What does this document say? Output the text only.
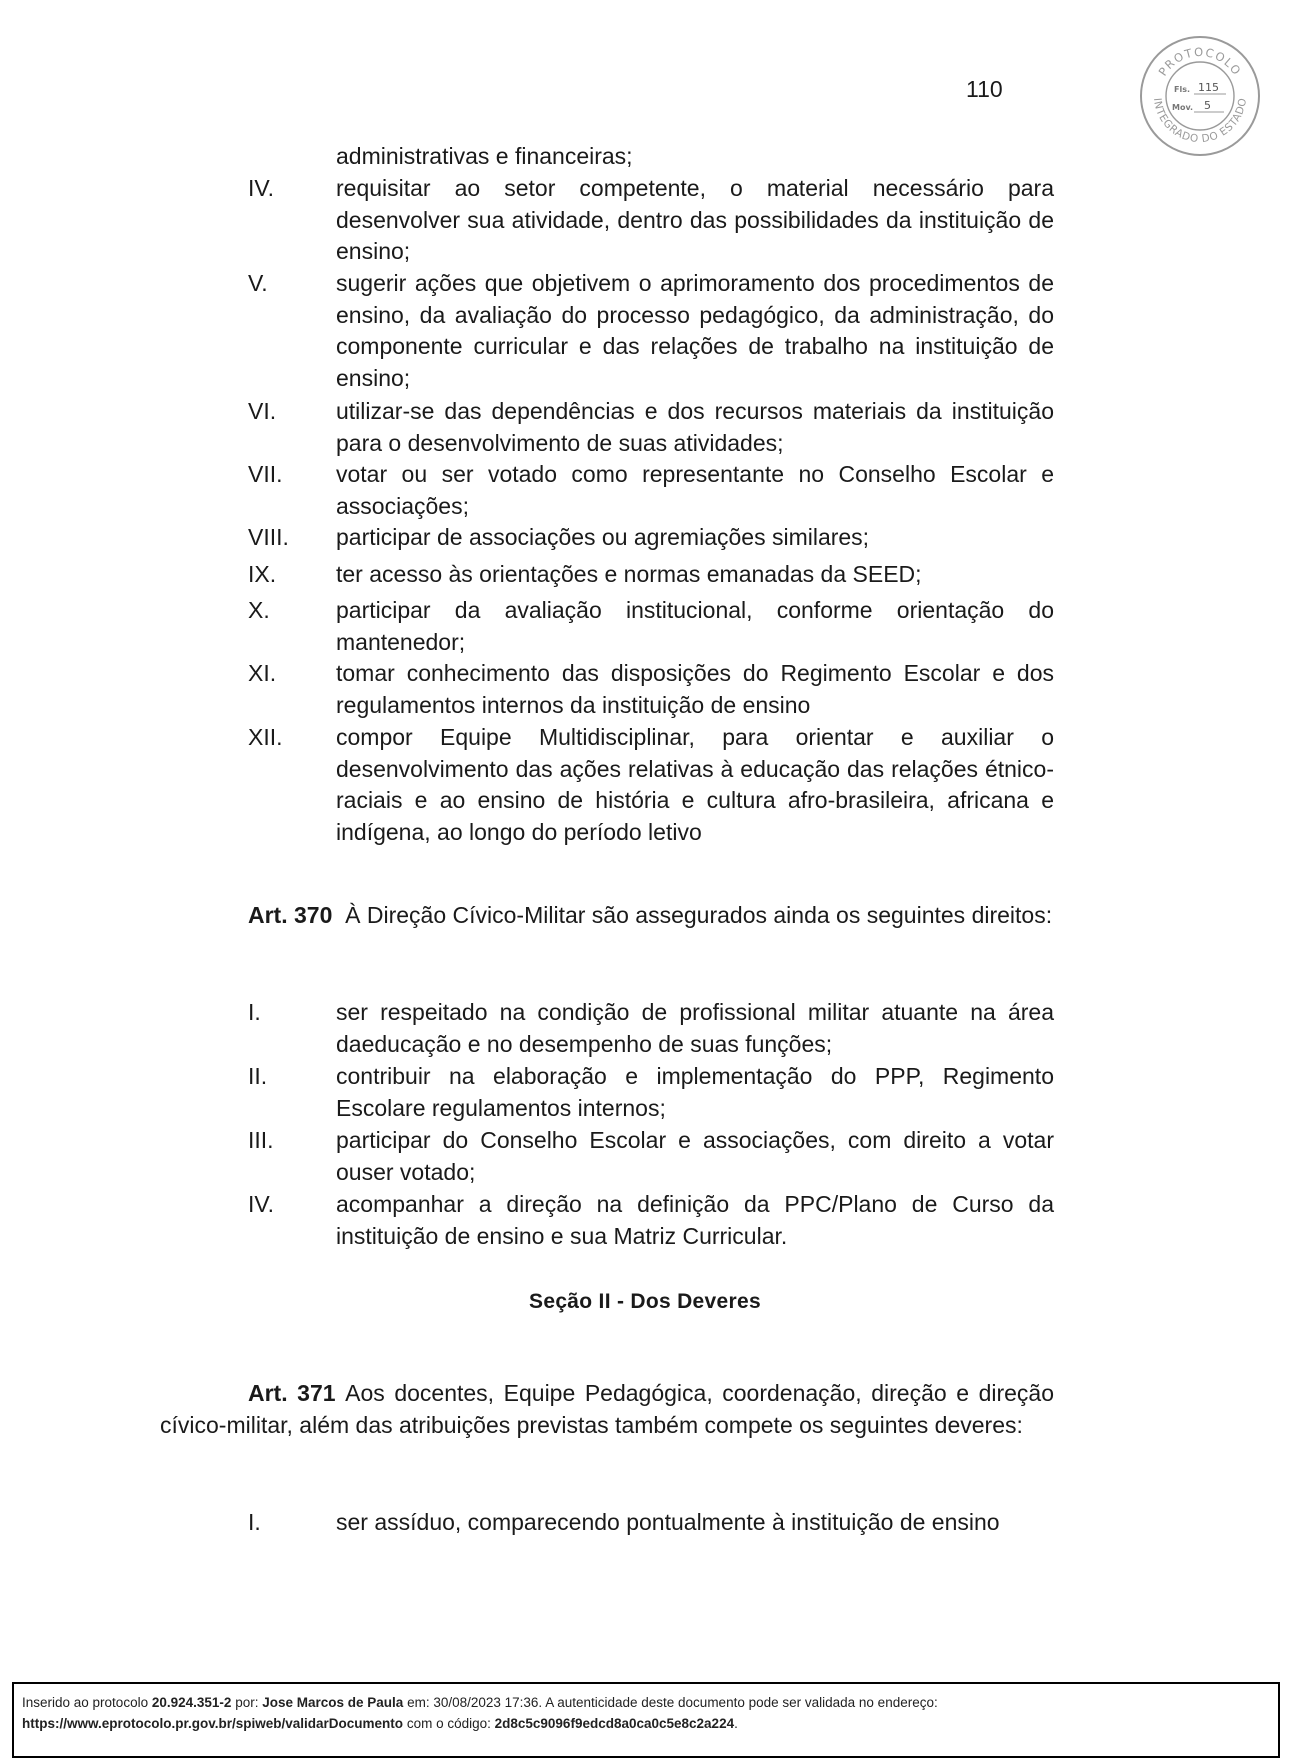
110
PROTOCOLO
INTEGRADO DO ESTADO
Fls. 115
Mov. 5
administrativas e financeiras;
IV.	requisitar ao setor competente, o material necessário para desenvolver sua atividade, dentro das possibilidades da instituição de ensino;
V.	sugerir ações que objetivem o aprimoramento dos procedimentos de ensino, da avaliação do processo pedagógico, da administração, do componente curricular e das relações de trabalho na instituição de ensino;
VI.	utilizar-se das dependências e dos recursos materiais da instituição para o desenvolvimento de suas atividades;
VII. votar ou ser votado como representante no Conselho Escolar e associações;
VIII. participar de associações ou agremiações similares;
IX.	ter acesso às orientações e normas emanadas da SEED;
X.	participar da avaliação institucional, conforme orientação do mantenedor;
XI.	tomar conhecimento das disposições do Regimento Escolar e dos regulamentos internos da instituição de ensino
XII. compor Equipe Multidisciplinar, para orientar e auxiliar o desenvolvimento das ações relativas à educação das relações étnico- raciais e ao ensino de história e cultura afro-brasileira, africana e indígena, ao longo do período letivo
Art. 370 À Direção Cívico-Militar são assegurados ainda os seguintes direitos:
I.	ser respeitado na condição de profissional militar atuante na área daeducação e no desempenho de suas funções;
II.	contribuir na elaboração e implementação do PPP, Regimento Escolare regulamentos internos;
III.	participar do Conselho Escolar e associações, com direito a votar ouser votado;
IV.	acompanhar a direção na definição da PPC/Plano de Curso da instituição de ensino e sua Matriz Curricular.
Seção II - Dos Deveres
Art. 371 Aos docentes, Equipe Pedagógica, coordenação, direção e direção cívico-militar, além das atribuições previstas também compete os seguintes deveres:
I.	ser assíduo, comparecendo pontualmente à instituição de ensino
Inserido ao protocolo 20.924.351-2 por: Jose Marcos de Paula em: 30/08/2023 17:36. A autenticidade deste documento pode ser validada no endereço:
https://www.eprotocolo.pr.gov.br/spiweb/validarDocumento com o código: 2d8c5c9096f9edcd8a0ca0c5e8c2a224.
